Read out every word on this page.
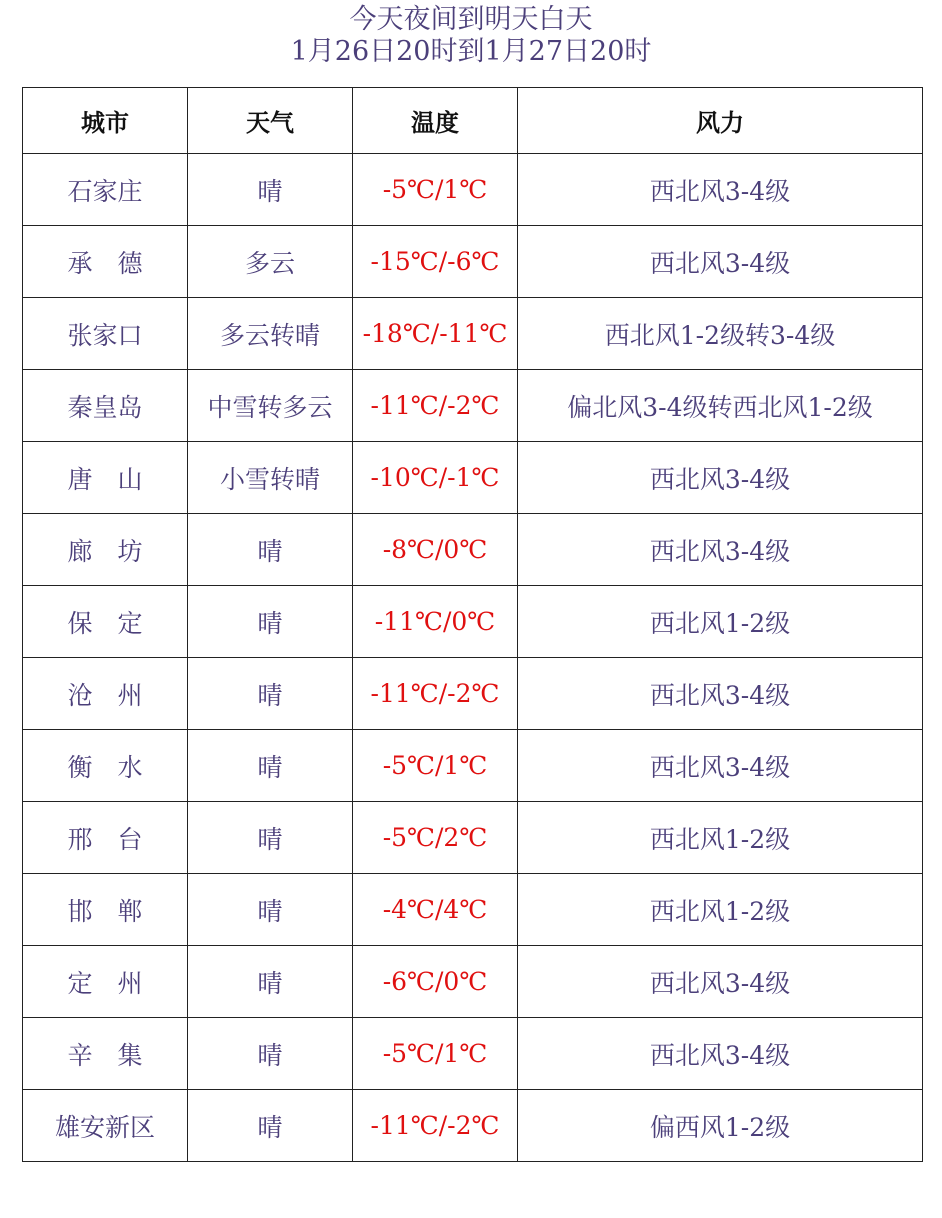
今天夜间到明天白天
1月26日20时到1月27日20时
城市	天气	温度	风力
石家庄	晴	-5℃/1℃	西北风3-4级
承　德	多云	-15℃/-6℃	西北风3-4级
张家口	多云转晴	-18℃/-11℃	西北风1-2级转3-4级
秦皇岛	中雪转多云	-11℃/-2℃	偏北风3-4级转西北风1-2级
唐　山	小雪转晴	-10℃/-1℃	西北风3-4级
廊　坊	晴	-8℃/0℃	西北风3-4级
保　定	晴	-11℃/0℃	西北风1-2级
沧　州	晴	-11℃/-2℃	西北风3-4级
衡　水	晴	-5℃/1℃	西北风3-4级
邢　台	晴	-5℃/2℃	西北风1-2级
邯　郸	晴	-4℃/4℃	西北风1-2级
定　州	晴	-6℃/0℃	西北风3-4级
辛　集	晴	-5℃/1℃	西北风3-4级
雄安新区	晴	-11℃/-2℃	偏西风1-2级
